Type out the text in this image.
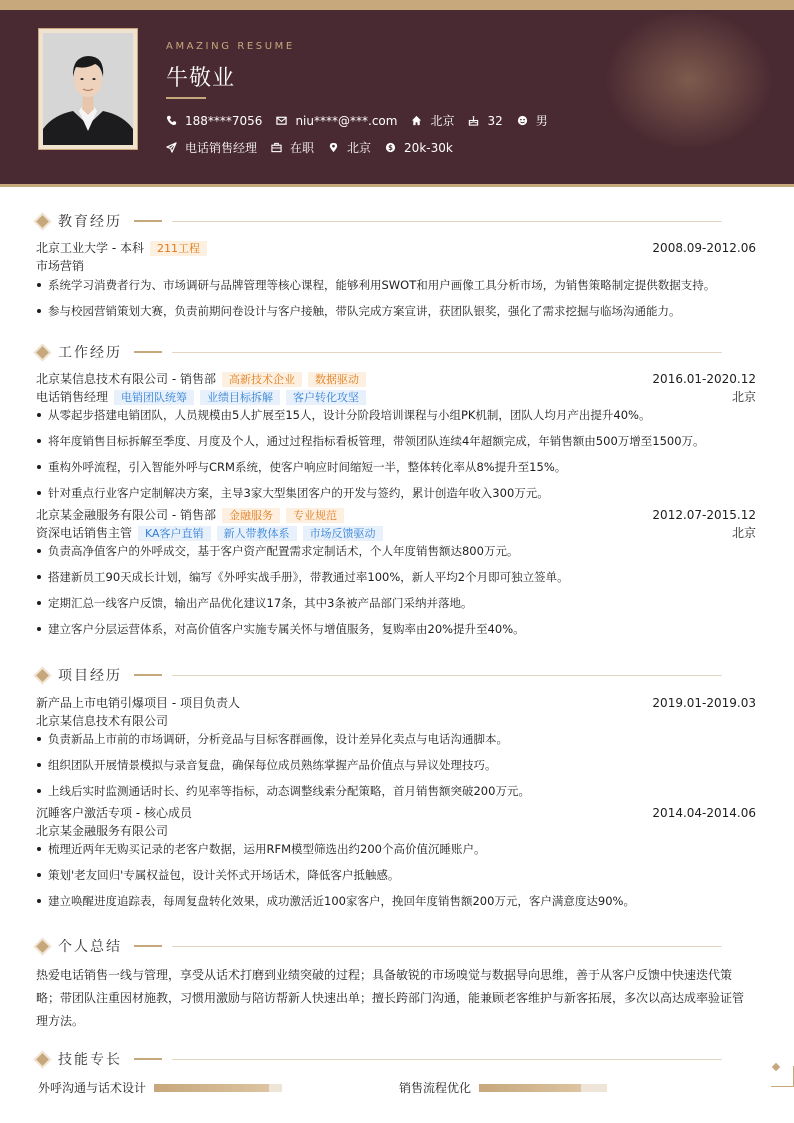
AMAZING RESUME
牛敬业
188****7056	niu****@***.com	北京	32	男
电话销售经理	在职	北京 $ 20k-30k
教育经历
北京工业大学 - 本科	211工程	2008.09-2012.06
市场营销
系统学习消费者行为、市场调研与品牌管理等核心课程，能够利用SWOT和用户画像工具分析市场，为销售策略制定提供数据支持。
参与校园营销策划大赛，负责前期问卷设计与客户接触，带队完成方案宣讲，获团队银奖，强化了需求挖掘与临场沟通能力。
工作经历
北京某信息技术有限公司 - 销售部	高新技术企业	数据驱动	2016.01-2020.12
电话销售经理	电销团队统筹	业绩目标拆解	客户转化攻坚	北京
从零起步搭建电销团队，人员规模由5人扩展至15人，设计分阶段培训课程与小组PK机制，团队人均月产出提升40%。
将年度销售目标拆解至季度、月度及个人，通过过程指标看板管理，带领团队连续4年超额完成，年销售额由500万增至1500万。
重构外呼流程，引入智能外呼与CRM系统，使客户响应时间缩短一半，整体转化率从8%提升至15%。
针对重点行业客户定制解决方案，主导3家大型集团客户的开发与签约，累计创造年收入300万元。
北京某金融服务有限公司 - 销售部	金融服务	专业规范	2012.07-2015.12
资深电话销售主管	KA客户直销	新人带教体系	市场反馈驱动	北京
负责高净值客户的外呼成交，基于客户资产配置需求定制话术，个人年度销售额达800万元。
搭建新员工90天成长计划，编写《外呼实战手册》，带教通过率100%，新人平均2个月即可独立签单。
定期汇总一线客户反馈，输出产品优化建议17条，其中3条被产品部门采纳并落地。
建立客户分层运营体系，对高价值客户实施专属关怀与增值服务，复购率由20%提升至40%。
项目经历
新产品上市电销引爆项目 - 项目负责人	2019.01-2019.03
北京某信息技术有限公司
负责新品上市前的市场调研，分析竞品与目标客群画像，设计差异化卖点与电话沟通脚本。
组织团队开展情景模拟与录音复盘，确保每位成员熟练掌握产品价值点与异议处理技巧。
上线后实时监测通话时长、约见率等指标，动态调整线索分配策略，首月销售额突破200万元。
沉睡客户激活专项 - 核心成员	2014.04-2014.06
北京某金融服务有限公司
梳理近两年无购买记录的老客户数据，运用RFM模型筛选出约200个高价值沉睡账户。
策划'老友回归'专属权益包，设计关怀式开场话术，降低客户抵触感。
建立唤醒进度追踪表，每周复盘转化效果，成功激活近100家客户，挽回年度销售额200万元，客户满意度达90%。
个人总结
热爱电话销售一线与管理，享受从话术打磨到业绩突破的过程；具备敏锐的市场嗅觉与数据导向思维，善于从客户反馈中快速迭代策略；带团队注重因材施教，习惯用激励与陪访帮新人快速出单；擅长跨部门沟通，能兼顾老客维护与新客拓展，多次以高达成率验证管理方法。
技能专长
外呼沟通与话术设计	销售流程优化
